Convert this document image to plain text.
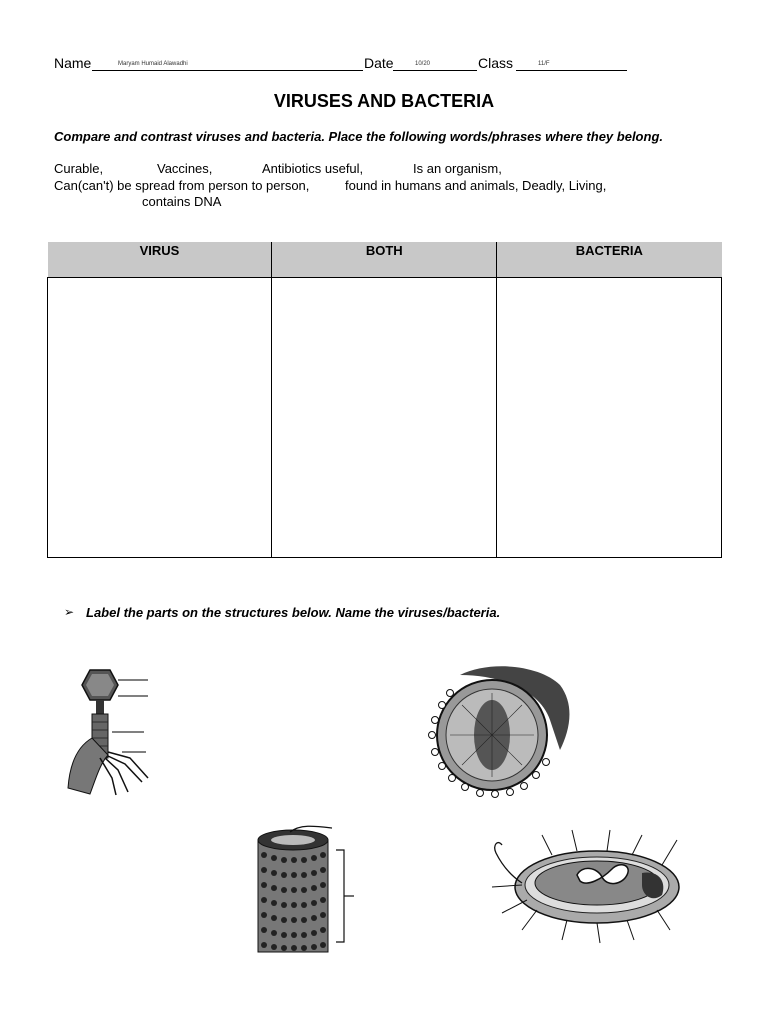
Name	Maryam Humaid Alawadhi	Date	10/20	Class	11/F
VIRUSES AND BACTERIA
Compare and contrast viruses and bacteria. Place the following words/phrases where they belong.
Curable,	Vaccines,	Antibiotics useful,	Is an organism,
Can(can't) be spread from person to person,	found in humans and animals, Deadly, Living,
contains DNA
VIRUS	BOTH	BACTERIA

➢ Label the parts on the structures below. Name the viruses/bacteria.
